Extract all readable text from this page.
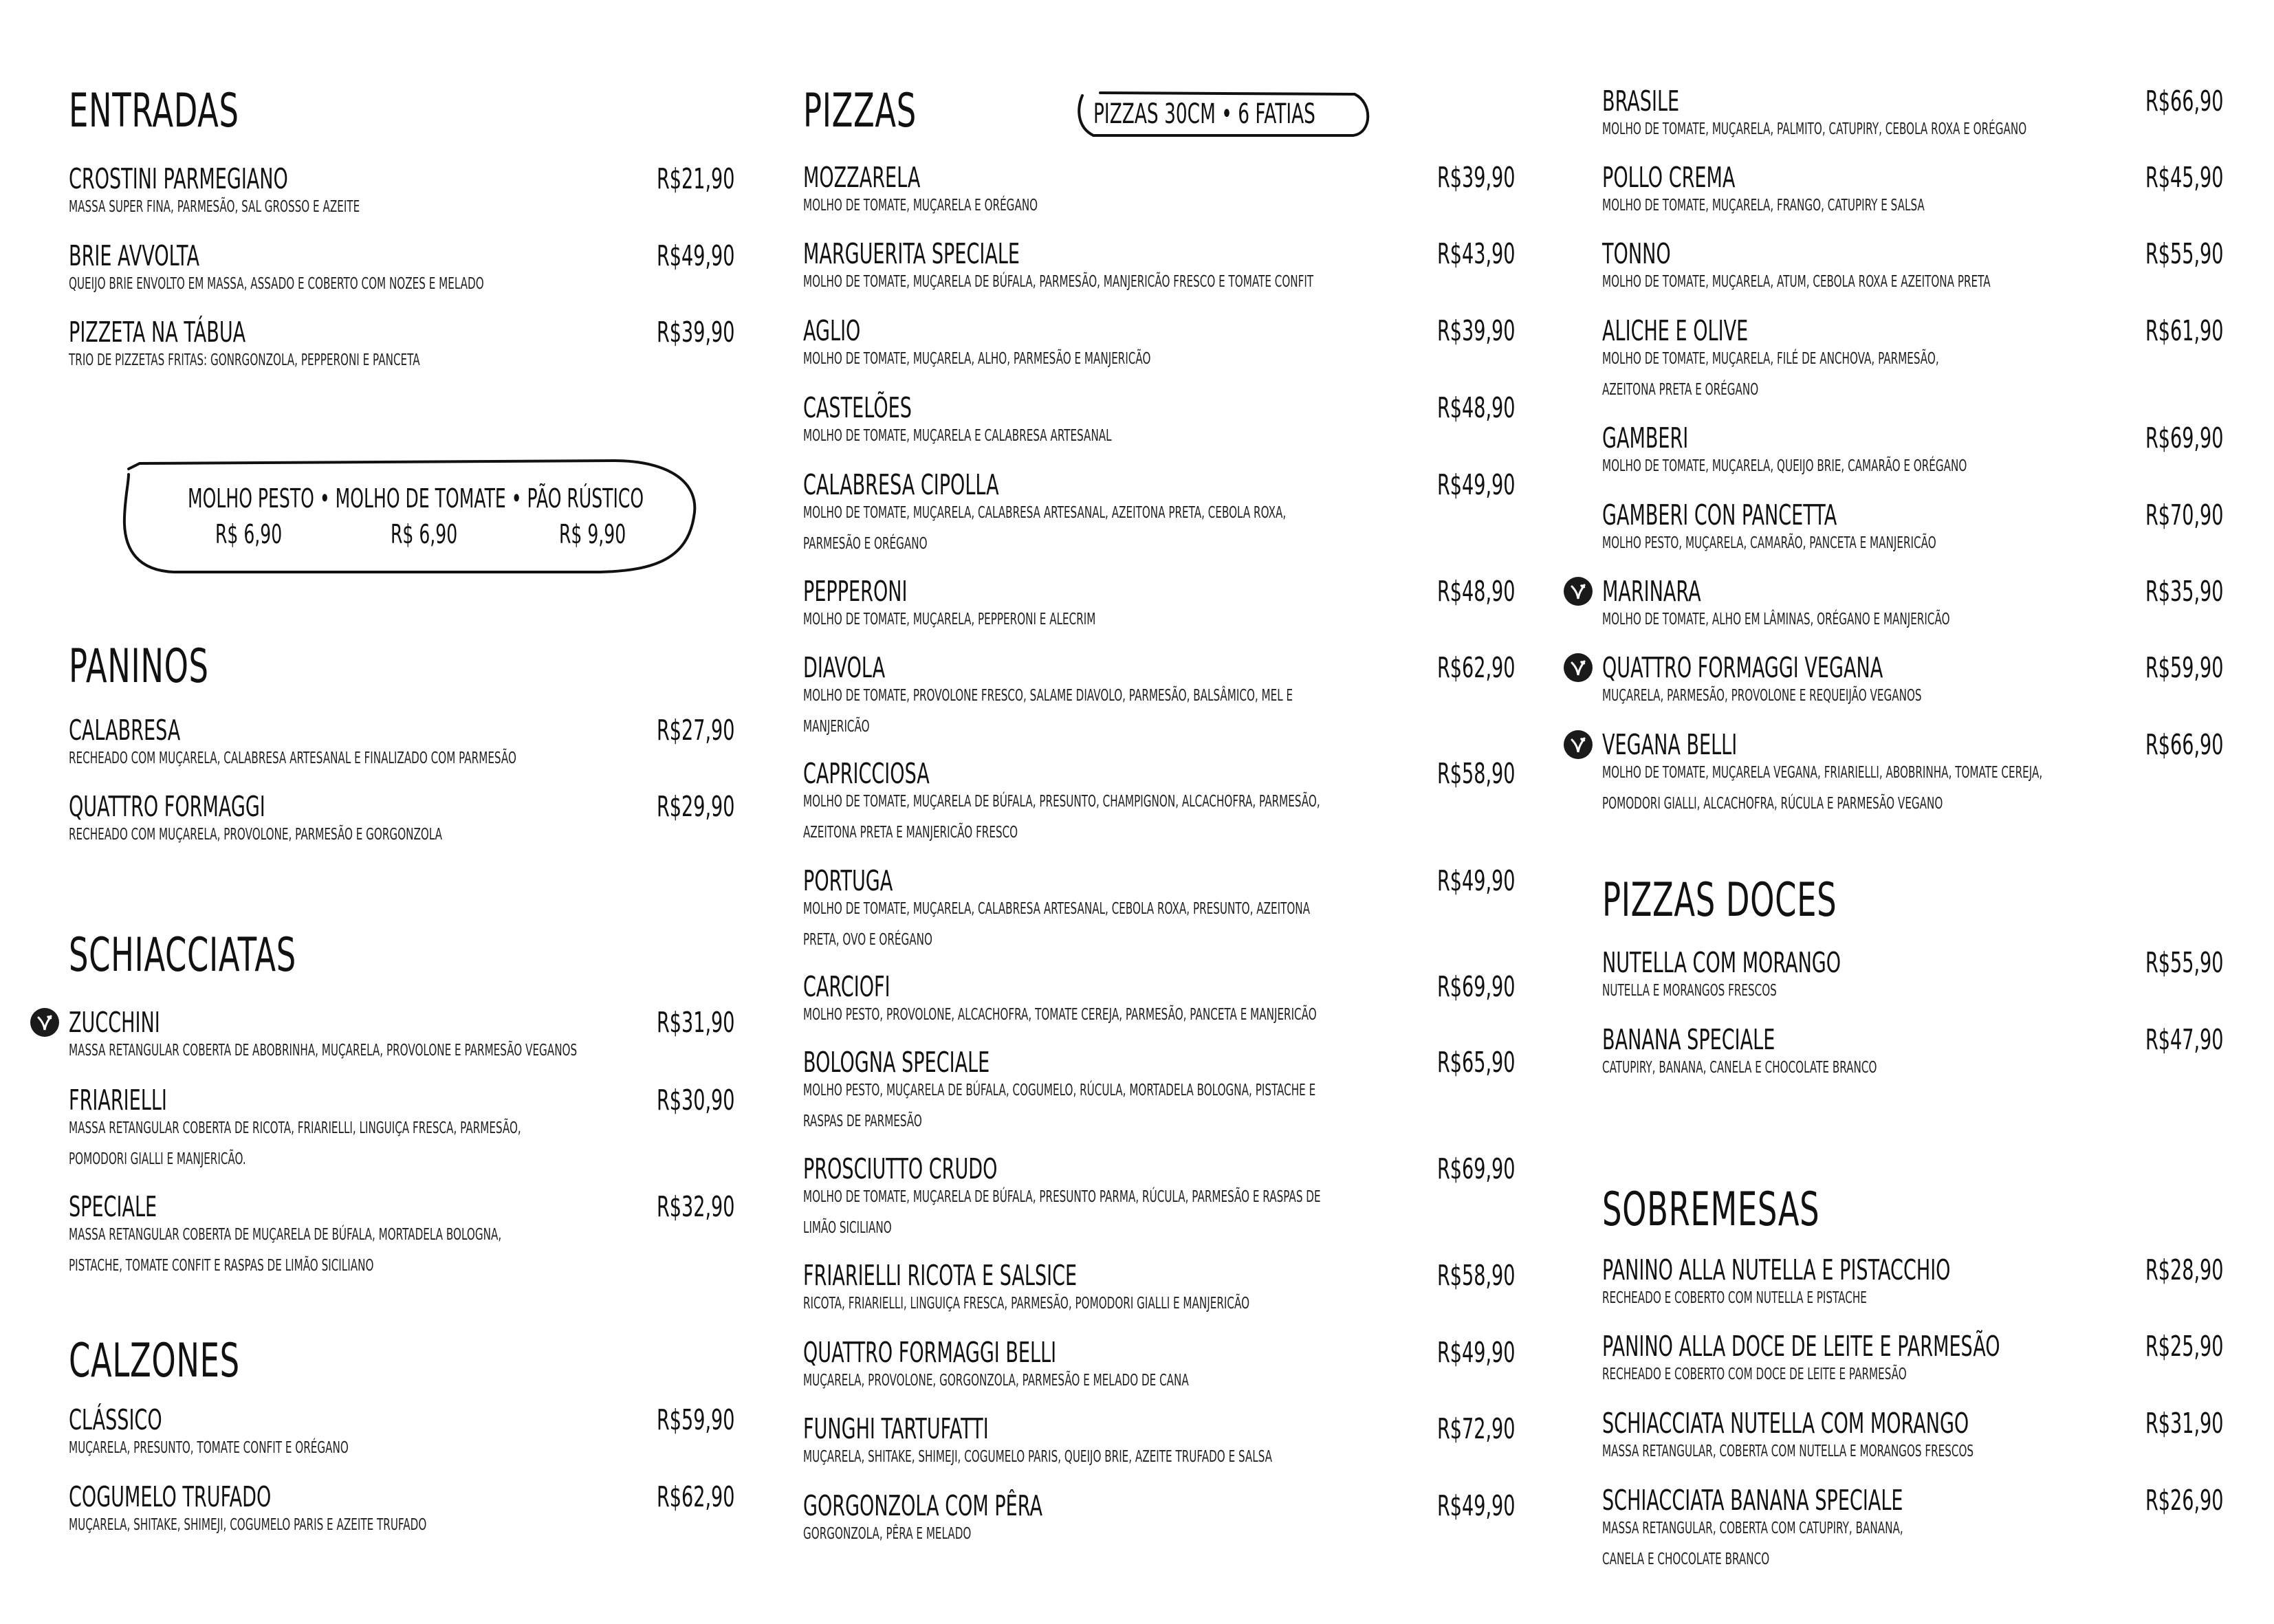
ENTRADAS
PANINOS
SCHIACCIATAS
CALZONES
PIZZAS
PIZZAS DOCES
SOBREMESAS
PIZZAS 30CM • 6 FATIAS
MOLHO PESTO • MOLHO DE TOMATE • PÃO RÚSTICO
R$ 6,90	R$ 6,90	R$ 9,90
CROSTINI PARMEGIANO	R$21,90
MASSA SUPER FINA, PARMESÃO, SAL GROSSO E AZEITE
BRIE AVVOLTA	R$49,90
QUEIJO BRIE ENVOLTO EM MASSA, ASSADO E COBERTO COM NOZES E MELADO
PIZZETA NA TÁBUA	R$39,90
TRIO DE PIZZETAS FRITAS: GONRGONZOLA, PEPPERONI E PANCETA
CALABRESA	R$27,90
RECHEADO COM MUÇARELA, CALABRESA ARTESANAL E FINALIZADO COM PARMESÃO
QUATTRO FORMAGGI	R$29,90
RECHEADO COM MUÇARELA, PROVOLONE, PARMESÃO E GORGONZOLA
ZUCCHINI	R$31,90
MASSA RETANGULAR COBERTA DE ABOBRINHA, MUÇARELA, PROVOLONE E PARMESÃO VEGANOS
FRIARIELLI	R$30,90
MASSA RETANGULAR COBERTA DE RICOTA, FRIARIELLI, LINGUIÇA FRESCA, PARMESÃO,
POMODORI GIALLI E MANJERICÃO.
SPECIALE	R$32,90
MASSA RETANGULAR COBERTA DE MUÇARELA DE BÚFALA, MORTADELA BOLOGNA,
PISTACHE, TOMATE CONFIT E RASPAS DE LIMÃO SICILIANO
CLÁSSICO	R$59,90
MUÇARELA, PRESUNTO, TOMATE CONFIT E ORÉGANO
COGUMELO TRUFADO	R$62,90
MUÇARELA, SHITAKE, SHIMEJI, COGUMELO PARIS E AZEITE TRUFADO
MOZZARELA	R$39,90
MOLHO DE TOMATE, MUÇARELA E ORÉGANO
MARGUERITA SPECIALE	R$43,90
MOLHO DE TOMATE, MUÇARELA DE BÚFALA, PARMESÃO, MANJERICÃO FRESCO E TOMATE CONFIT
AGLIO	R$39,90
MOLHO DE TOMATE, MUÇARELA, ALHO, PARMESÃO E MANJERICÃO
CASTELÕES	R$48,90
MOLHO DE TOMATE, MUÇARELA E CALABRESA ARTESANAL
CALABRESA CIPOLLA	R$49,90
MOLHO DE TOMATE, MUÇARELA, CALABRESA ARTESANAL, AZEITONA PRETA, CEBOLA ROXA,
PARMESÃO E ORÉGANO
PEPPERONI	R$48,90
MOLHO DE TOMATE, MUÇARELA, PEPPERONI E ALECRIM
DIAVOLA	R$62,90
MOLHO DE TOMATE, PROVOLONE FRESCO, SALAME DIAVOLO, PARMESÃO, BALSÂMICO, MEL E
MANJERICÃO
CAPRICCIOSA	R$58,90
MOLHO DE TOMATE, MUÇARELA DE BÚFALA, PRESUNTO, CHAMPIGNON, ALCACHOFRA, PARMESÃO,
AZEITONA PRETA E MANJERICÃO FRESCO
PORTUGA	R$49,90
MOLHO DE TOMATE, MUÇARELA, CALABRESA ARTESANAL, CEBOLA ROXA, PRESUNTO, AZEITONA
PRETA, OVO E ORÉGANO
CARCIOFI	R$69,90
MOLHO PESTO, PROVOLONE, ALCACHOFRA, TOMATE CEREJA, PARMESÃO, PANCETA E MANJERICÃO
BOLOGNA SPECIALE	R$65,90
MOLHO PESTO, MUÇARELA DE BÚFALA, COGUMELO, RÚCULA, MORTADELA BOLOGNA, PISTACHE E
RASPAS DE PARMESÃO
PROSCIUTTO CRUDO	R$69,90
MOLHO DE TOMATE, MUÇARELA DE BÚFALA, PRESUNTO PARMA, RÚCULA, PARMESÃO E RASPAS DE
LIMÃO SICILIANO
FRIARIELLI RICOTA E SALSICE	R$58,90
RICOTA, FRIARIELLI, LINGUIÇA FRESCA, PARMESÃO, POMODORI GIALLI E MANJERICÃO
QUATTRO FORMAGGI BELLI	R$49,90
MUÇARELA, PROVOLONE, GORGONZOLA, PARMESÃO E MELADO DE CANA
FUNGHI TARTUFATTI	R$72,90
MUÇARELA, SHITAKE, SHIMEJI, COGUMELO PARIS, QUEIJO BRIE, AZEITE TRUFADO E SALSA
GORGONZOLA COM PÊRA	R$49,90
GORGONZOLA, PÊRA E MELADO
BRASILE	R$66,90
MOLHO DE TOMATE, MUÇARELA, PALMITO, CATUPIRY, CEBOLA ROXA E ORÉGANO
POLLO CREMA	R$45,90
MOLHO DE TOMATE, MUÇARELA, FRANGO, CATUPIRY E SALSA
TONNO	R$55,90
MOLHO DE TOMATE, MUÇARELA, ATUM, CEBOLA ROXA E AZEITONA PRETA
ALICHE E OLIVE	R$61,90
MOLHO DE TOMATE, MUÇARELA, FILÉ DE ANCHOVA, PARMESÃO,
AZEITONA PRETA E ORÉGANO
GAMBERI	R$69,90
MOLHO DE TOMATE, MUÇARELA, QUEIJO BRIE, CAMARÃO E ORÉGANO
GAMBERI CON PANCETTA	R$70,90
MOLHO PESTO, MUÇARELA, CAMARÃO, PANCETA E MANJERICÃO
MARINARA	R$35,90
MOLHO DE TOMATE, ALHO EM LÂMINAS, ORÉGANO E MANJERICÃO
QUATTRO FORMAGGI VEGANA	R$59,90
MUÇARELA, PARMESÃO, PROVOLONE E REQUEIJÃO VEGANOS
VEGANA BELLI	R$66,90
MOLHO DE TOMATE, MUÇARELA VEGANA, FRIARIELLI, ABOBRINHA, TOMATE CEREJA,
POMODORI GIALLI, ALCACHOFRA, RÚCULA E PARMESÃO VEGANO
NUTELLA COM MORANGO	R$55,90
NUTELLA E MORANGOS FRESCOS
BANANA SPECIALE	R$47,90
CATUPIRY, BANANA, CANELA E CHOCOLATE BRANCO
PANINO ALLA NUTELLA E PISTACCHIO	R$28,90
RECHEADO E COBERTO COM NUTELLA E PISTACHE
PANINO ALLA DOCE DE LEITE E PARMESÃO	R$25,90
RECHEADO E COBERTO COM DOCE DE LEITE E PARMESÃO
SCHIACCIATA NUTELLA COM MORANGO	R$31,90
MASSA RETANGULAR, COBERTA COM NUTELLA E MORANGOS FRESCOS
SCHIACCIATA BANANA SPECIALE	R$26,90
MASSA RETANGULAR, COBERTA COM CATUPIRY, BANANA,
CANELA E CHOCOLATE BRANCO
